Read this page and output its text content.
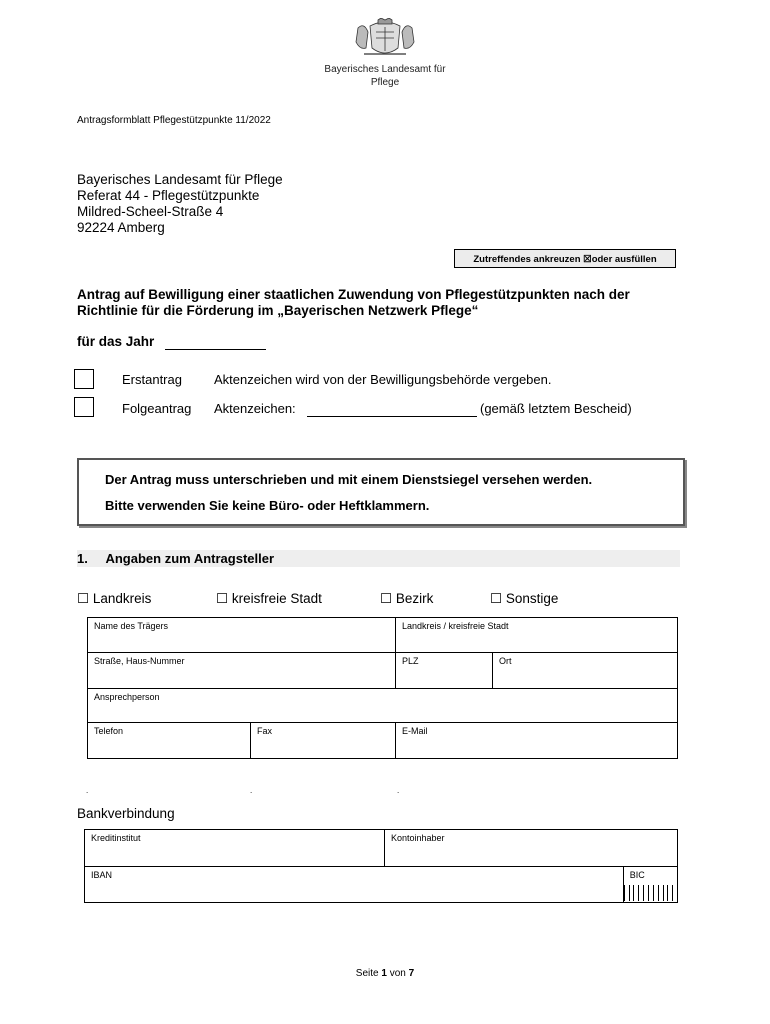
Bayerisches Landesamt für
Pflege
Antragsformblatt Pflegestützpunkte 11/2022
Bayerisches Landesamt für Pflege
Referat 44 - Pflegestützpunkte
Mildred-Scheel-Straße 4
92224 Amberg
Zutreffendes ankreuzen ☒oder ausfüllen
Antrag auf Bewilligung einer staatlichen Zuwendung von Pflegestützpunkten nach der
Richtlinie für die Förderung im „Bayerischen Netzwerk Pflege“
für das Jahr
Erstantrag Aktenzeichen wird von der Bewilligungsbehörde vergeben.
Folgeantrag Aktenzeichen:	(gemäß letztem Bescheid)
Der Antrag muss unterschrieben und mit einem Dienstsiegel versehen werden.
Bitte verwenden Sie keine Büro- oder Heftklammern.
1. Angaben zum Antragsteller
☐ Landkreis	☐ kreisfreie Stadt	☐ Bezirk	☐ Sonstige
Name des Trägers		Landkreis / kreisfreie Stadt	
Straße, Haus-Nummer		PLZ	Ort
Ansprechperson			
Telefon	Fax	E-Mail	
.	.	.
Bankverbindung
Kreditinstitut	Kontoinhaber	
IBAN		BIC
Seite 1 von 7
